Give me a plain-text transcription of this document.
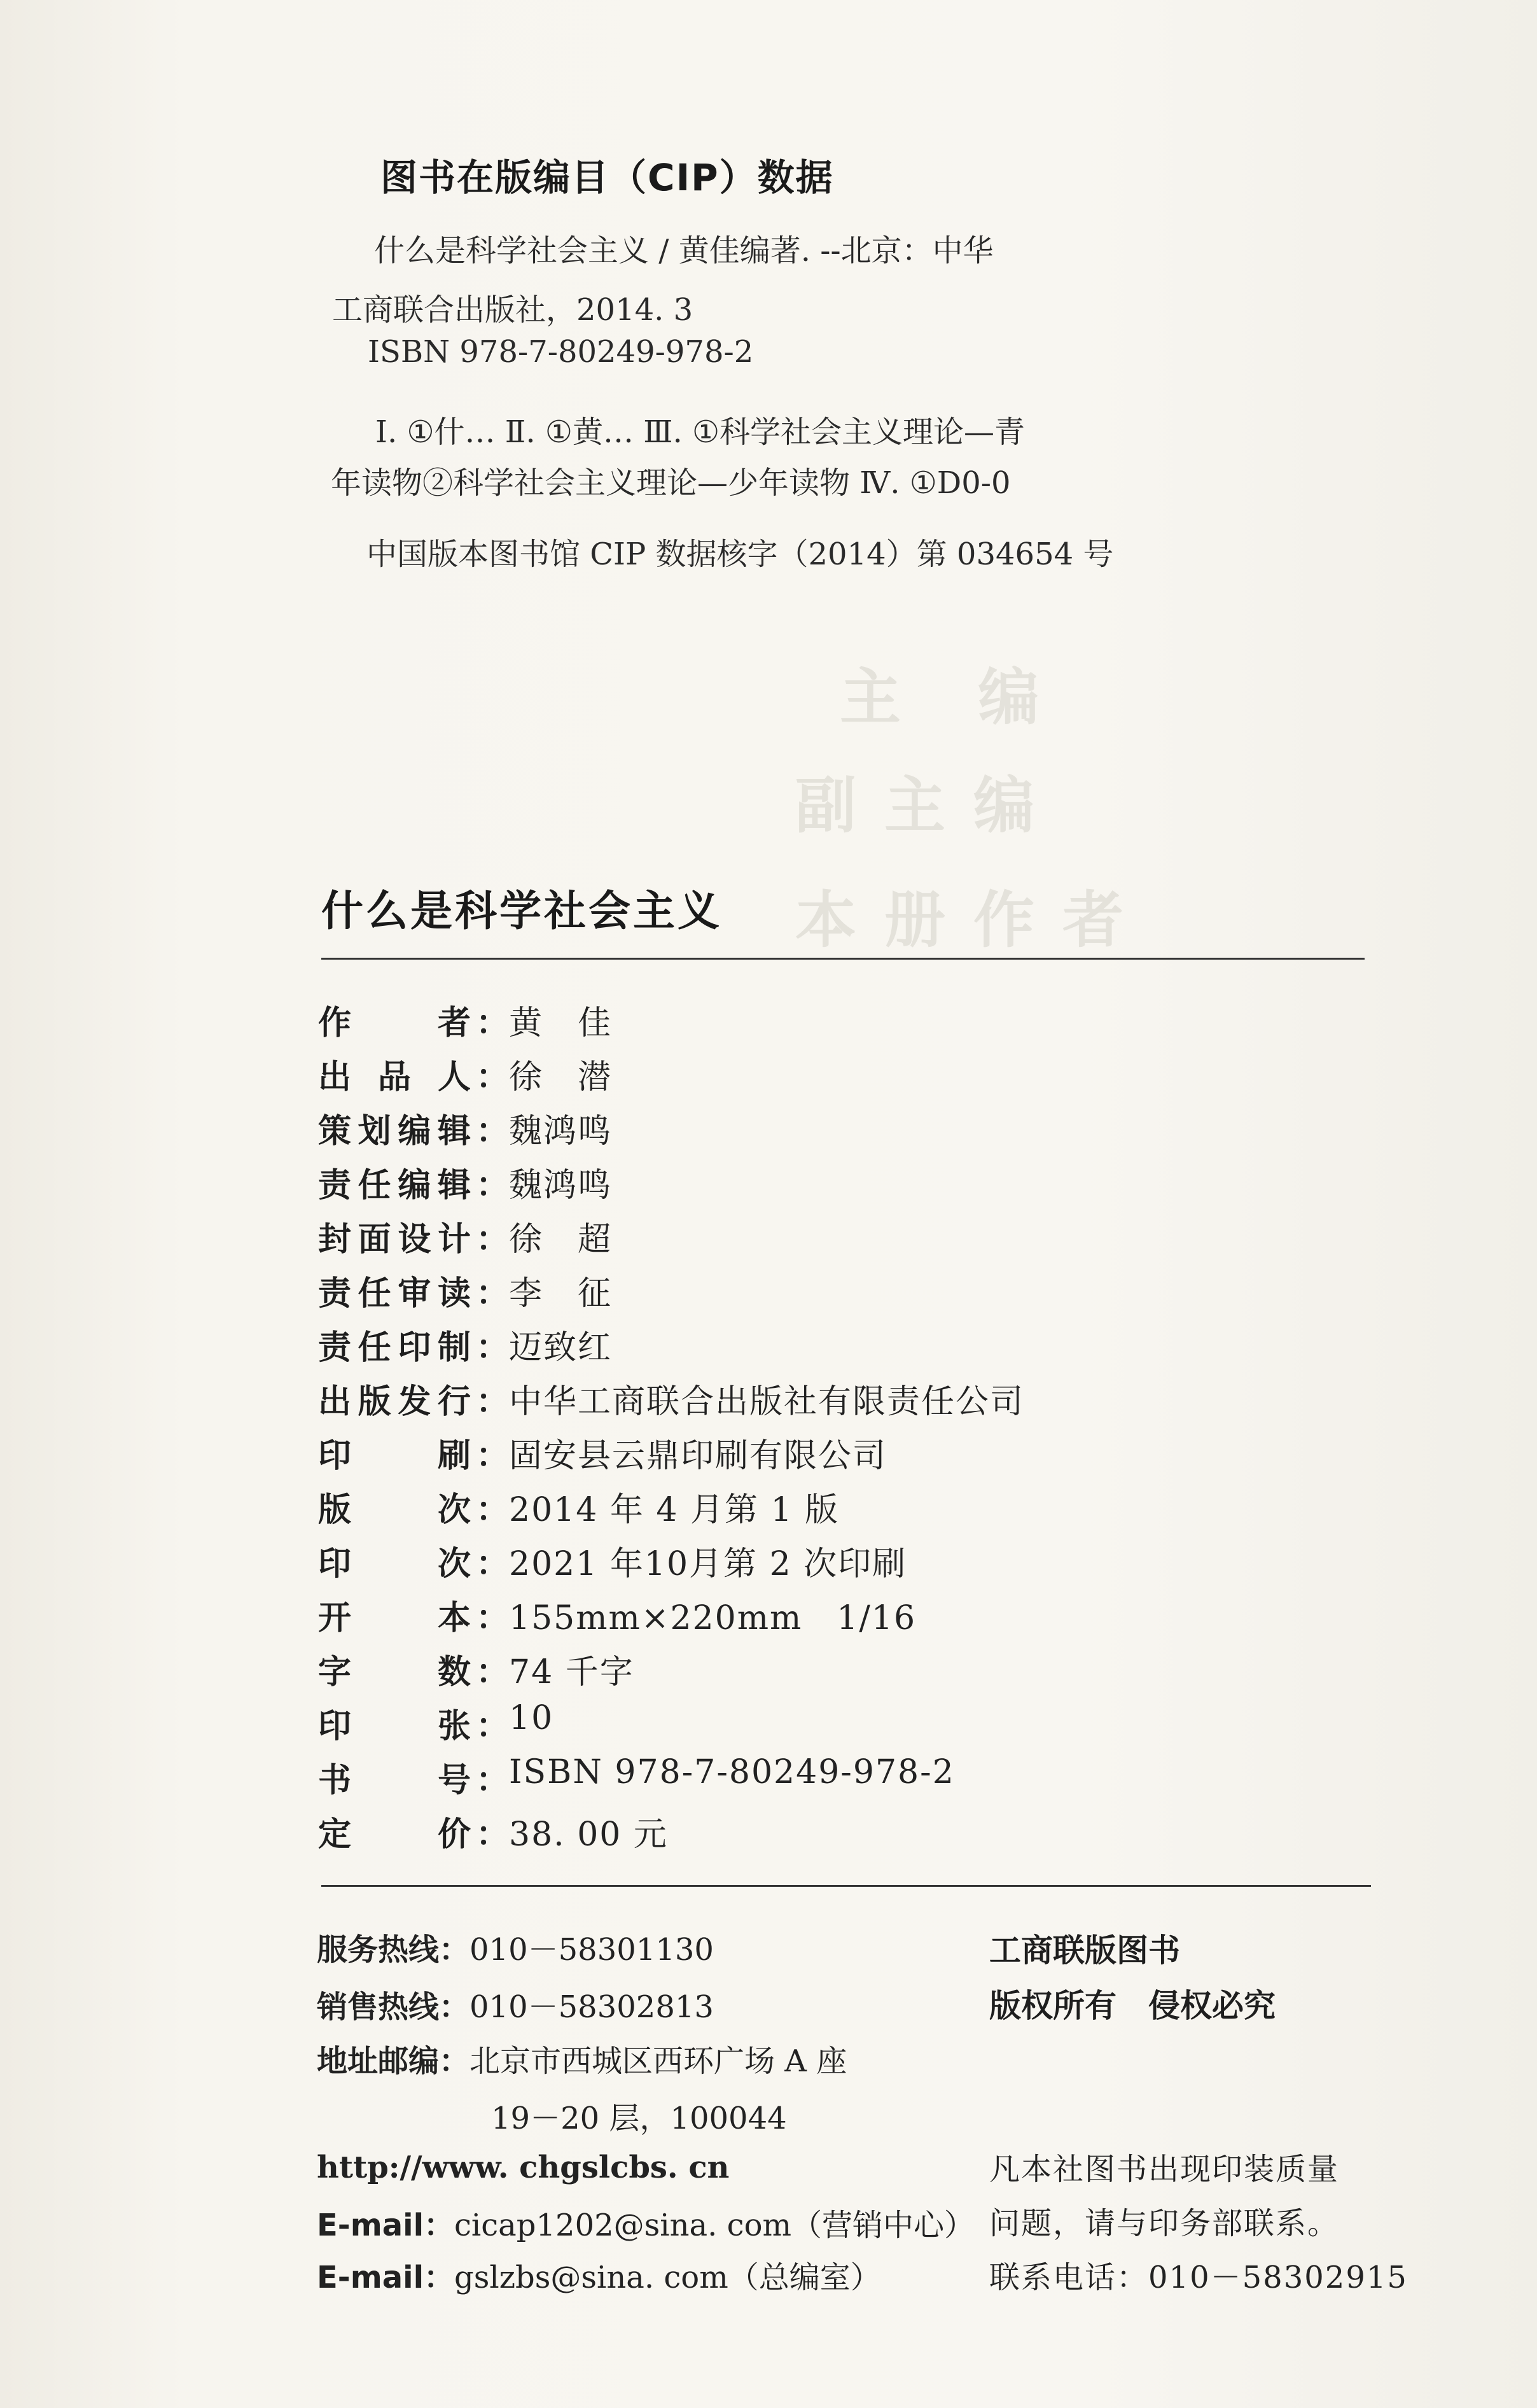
主 编
副主编
本册作者
图书在版编目（CIP）数据
什么是科学社会主义 / 黄佳编著. --北京：中华
工商联合出版社，2014. 3
ISBN 978-7-80249-978-2
Ⅰ. ①什… Ⅱ. ①黄… Ⅲ. ①科学社会主义理论—青
年读物②科学社会主义理论—少年读物 Ⅳ. ①D0-0
中国版本图书馆 CIP 数据核字（2014）第 034654 号
什么是科学社会主义
作	者 ： 黄　佳
出 品 人 ： 徐　潜
策 划 编 辑 ： 魏鸿鸣
责 任 编 辑 ： 魏鸿鸣
封 面 设 计 ： 徐　超
责 任 审 读 ： 李　征
责 任 印 制 ： 迈致红
出 版 发 行 ： 中华工商联合出版社有限责任公司
印	刷 ： 固安县云鼎印刷有限公司
版	次 ： 2014 年 4 月第 1 版
印	次 ： 2021 年10月第 2 次印刷
开	本 ： 155mm×220mm　1/16
字	数 ： 74 千字
印	张 ： 10
书	号 ： ISBN 978-7-80249-978-2
定	价 ： 38. 00 元
服务热线：010－58301130
销售热线：010－58302813
地址邮编：北京市西城区西环广场 A 座
19－20 层，100044
http://www. chgslcbs. cn
E-mail：cicap1202@sina. com（营销中心）
E-mail：gslzbs@sina. com（总编室）
工商联版图书
版权所有　侵权必究
凡本社图书出现印装质量
问题，请与印务部联系。
联系电话：010－58302915
